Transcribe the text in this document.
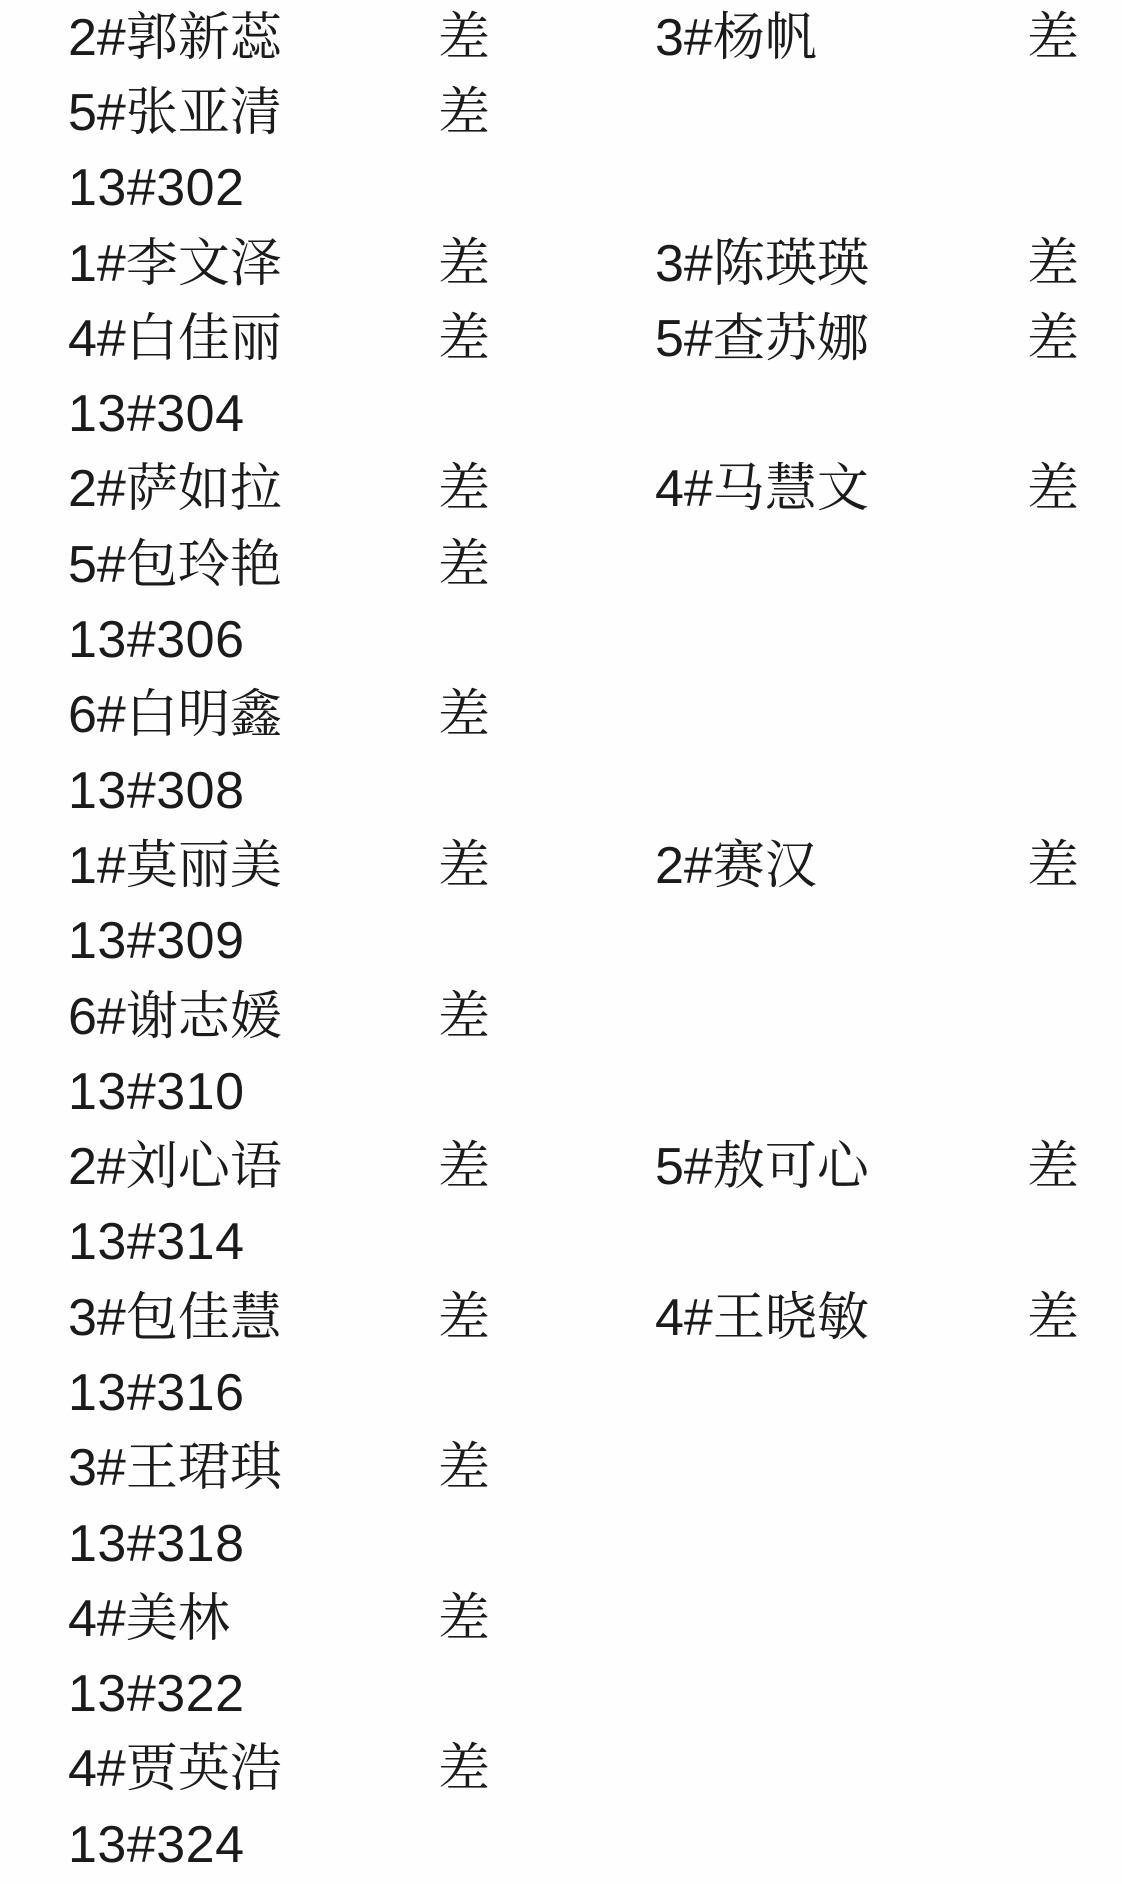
2#郭新蕊	差	3#杨帆	差
5#张亚清	差
13#302
1#李文泽	差	3#陈瑛瑛	差
4#白佳丽	差	5#查苏娜	差
13#304
2#萨如拉	差	4#马慧文	差
5#包玲艳	差
13#306
6#白明鑫	差
13#308
1#莫丽美	差	2#赛汉	差
13#309
6#谢志媛	差
13#310
2#刘心语	差	5#敖可心	差
13#314
3#包佳慧	差	4#王晓敏	差
13#316
3#王珺琪	差
13#318
4#美林	差
13#322
4#贾英浩	差
13#324
